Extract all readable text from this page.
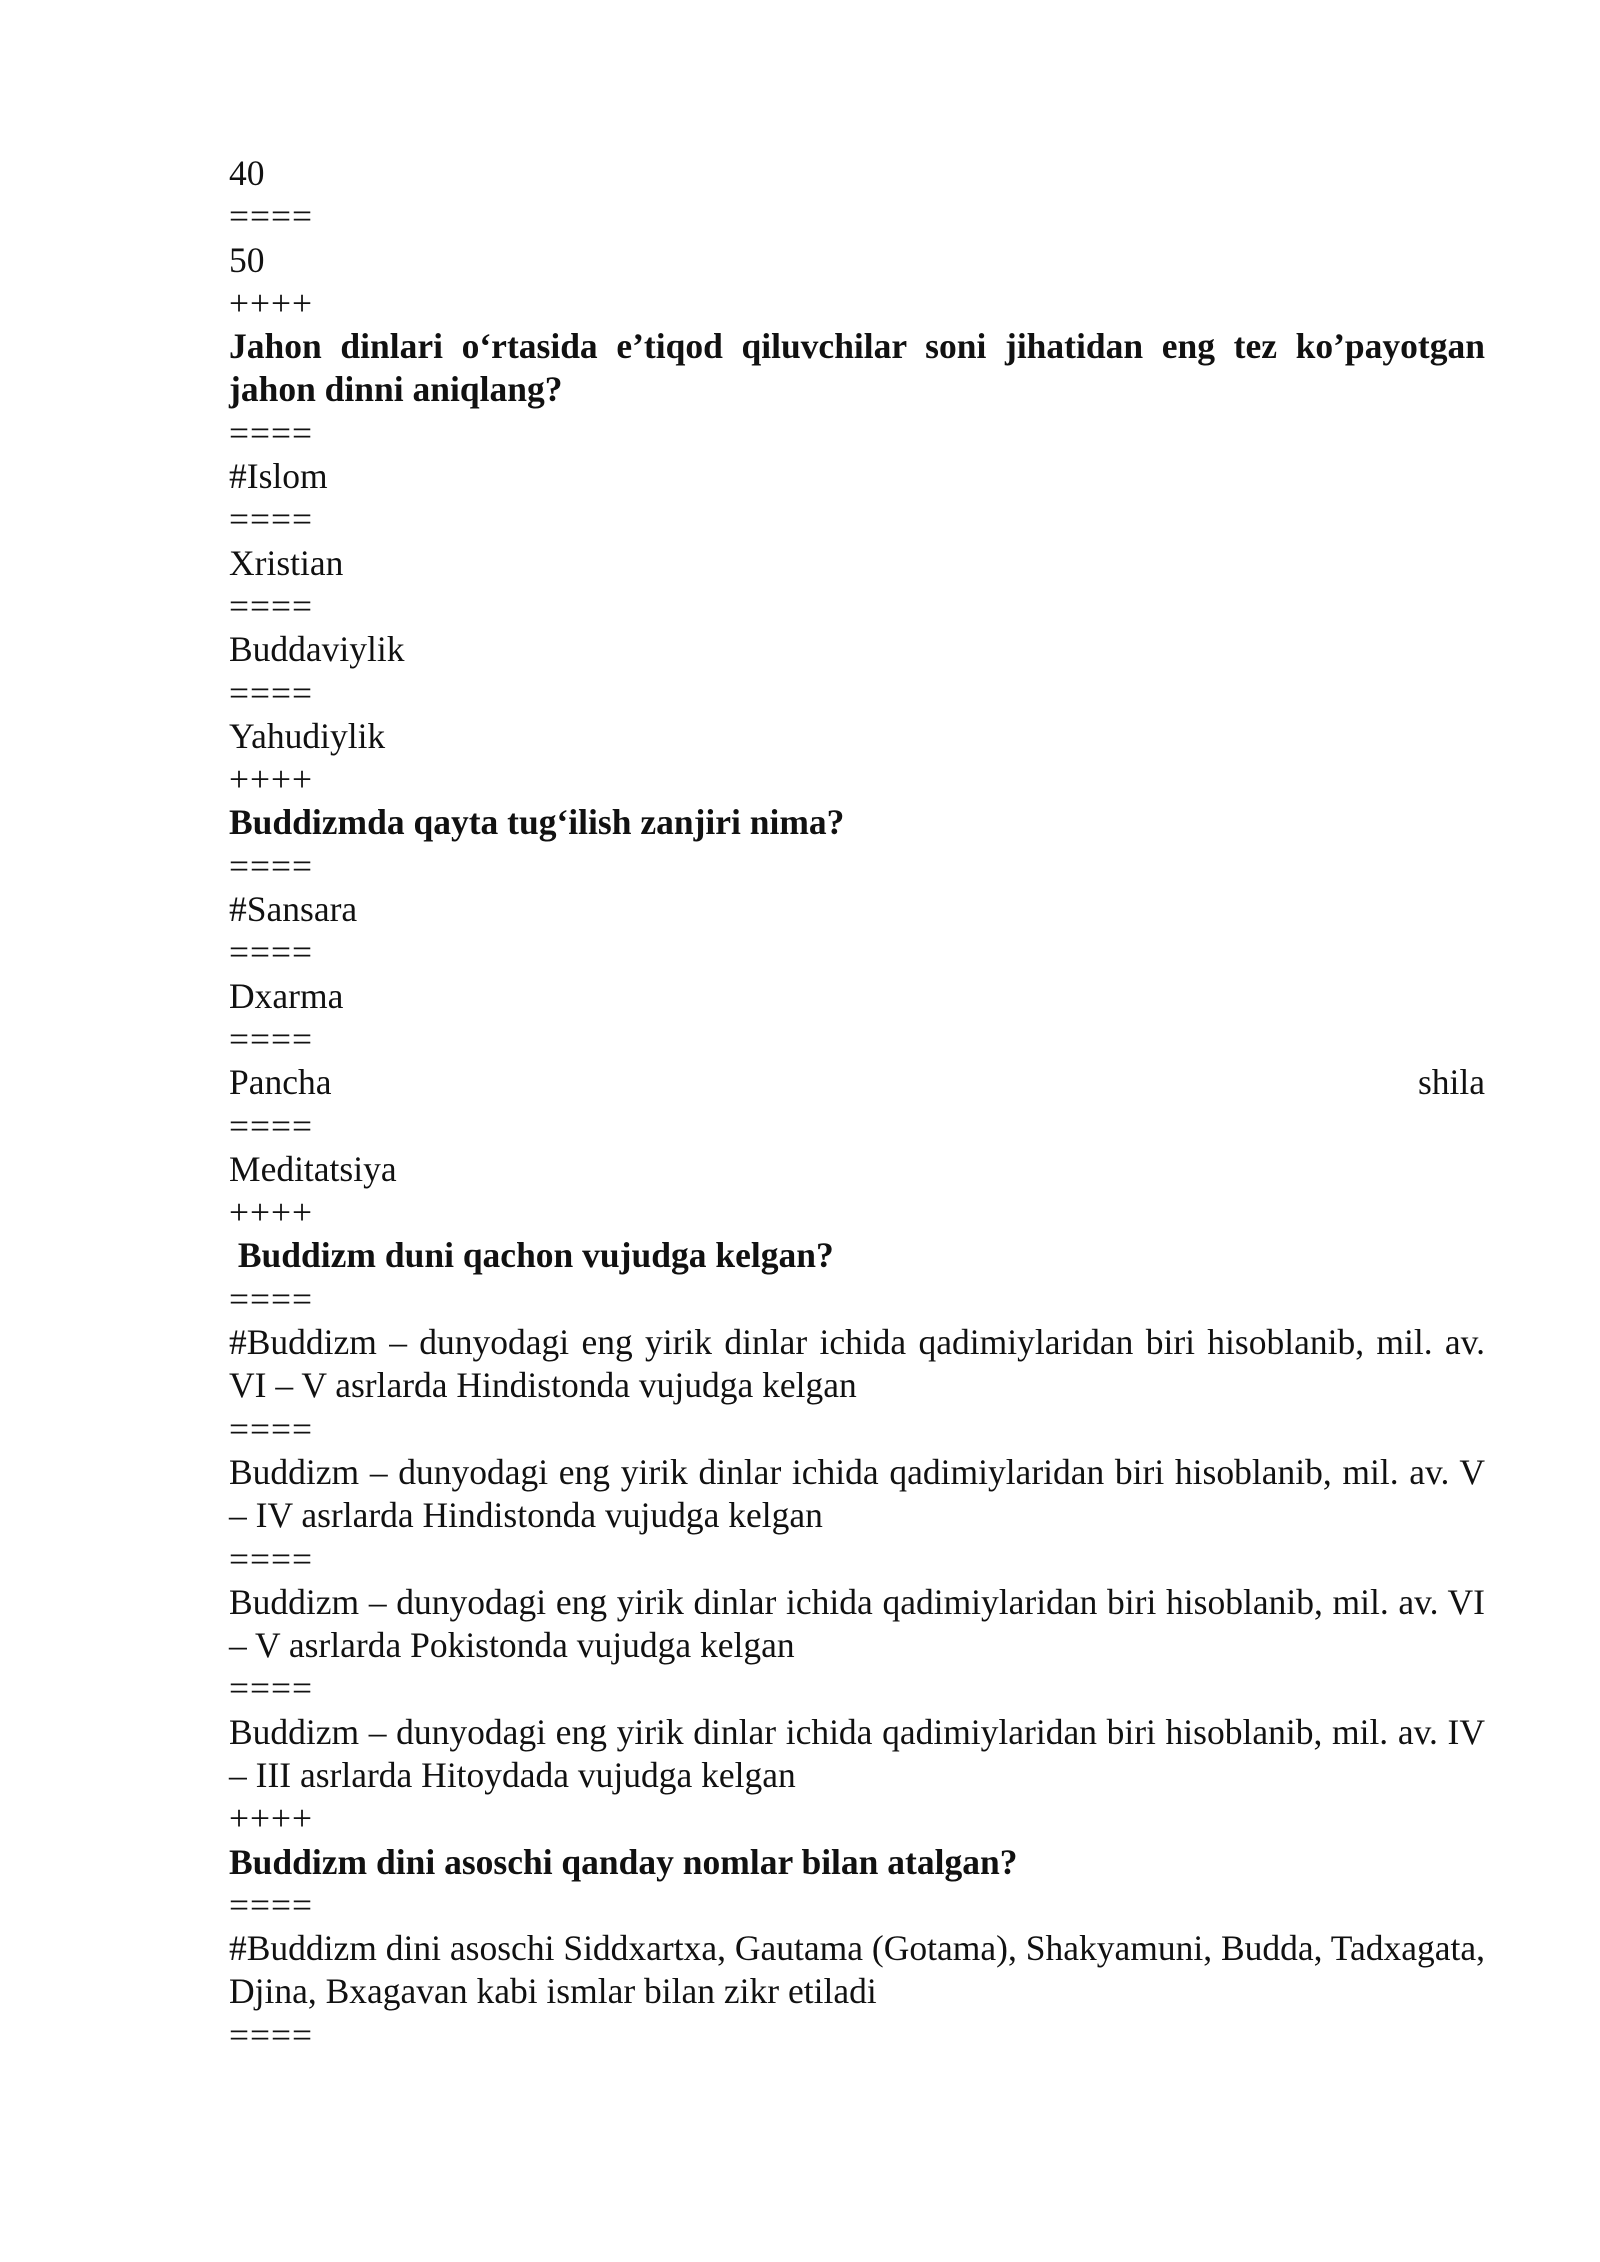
40
====
50
++++
Jahon dinlari o‘rtasida e’tiqod qiluvchilar soni jihatidan eng tez ko’payotgan jahon dinni aniqlang?
====
#Islom
====
Xristian
====
Buddaviylik
====
Yahudiylik
++++
Buddizmda qayta tug‘ilish zanjiri nima?
====
#Sansara
====
Dxarma
====
Pancha	shila
====
Meditatsiya
++++
Buddizm duni qachon vujudga kelgan?
====
#Buddizm – dunyodagi eng yirik dinlar ichida qadimiylaridan biri hisoblanib, mil. av. VI – V asrlarda Hindistonda vujudga kelgan
====
Buddizm – dunyodagi eng yirik dinlar ichida qadimiylaridan biri hisoblanib, mil. av. V – IV asrlarda Hindistonda vujudga kelgan
====
Buddizm – dunyodagi eng yirik dinlar ichida qadimiylaridan biri hisoblanib, mil. av. VI – V asrlarda Pokistonda vujudga kelgan
====
Buddizm – dunyodagi eng yirik dinlar ichida qadimiylaridan biri hisoblanib, mil. av. IV – III asrlarda Hitoydada vujudga kelgan
++++
Buddizm dini asoschi qanday nomlar bilan atalgan?
====
#Buddizm dini asoschi Siddxartxa, Gautama (Gotama), Shakyamuni, Budda, Tadxagata, Djina, Bxagavan kabi ismlar bilan zikr etiladi
====
